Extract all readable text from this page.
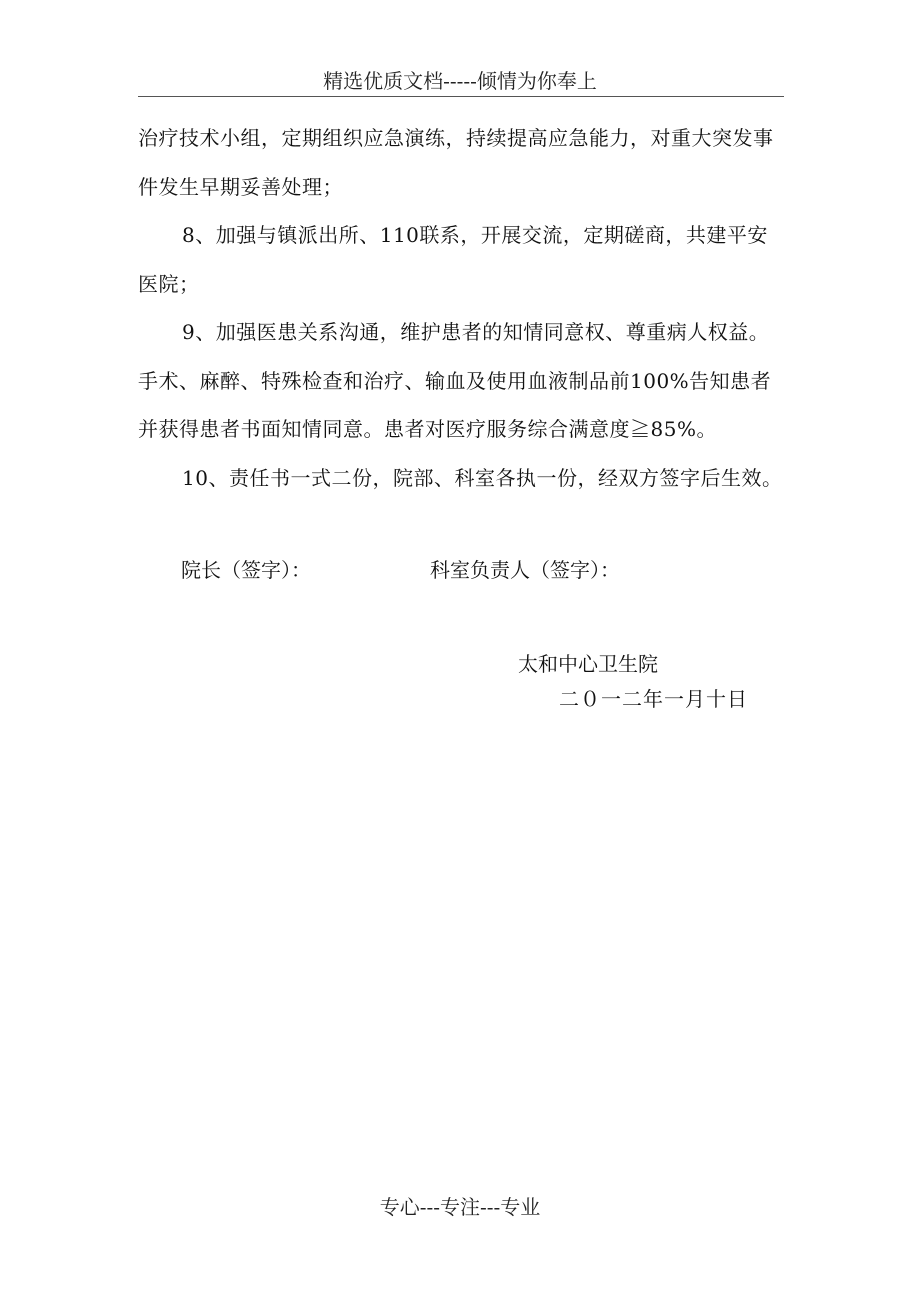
精选优质文档-----倾情为你奉上

治疗技术小组，定期组织应急演练，持续提高应急能力，对重大突发事件发生早期妥善处理；

8、加强与镇派出所、110联系，开展交流，定期磋商，共建平安医院；

9、加强医患关系沟通，维护患者的知情同意权、尊重病人权益。手术、麻醉、特殊检查和治疗、输血及使用血液制品前100%告知患者并获得患者书面知情同意。患者对医疗服务综合满意度≧85%。

10、责任书一式二份，院部、科室各执一份，经双方签字后生效。

院长（签字）：	科室负责人（签字）：
太和中心卫生院
二０一二年一月十日
专心---专注---专业
